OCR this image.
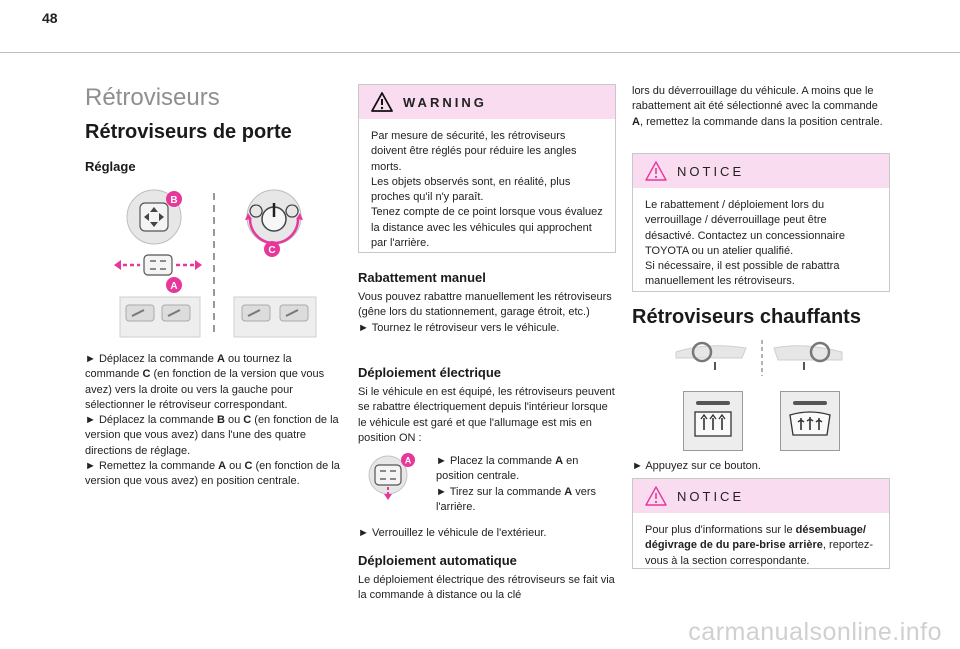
48
Rétroviseurs
Rétroviseurs de porte
Réglage
B
A
C

► Déplacez la commande A ou tournez la commande C (en fonction de la version que vous avez) vers la droite ou vers la gauche pour sélectionner le rétroviseur correspondant.

► Déplacez la commande B ou C (en fonction de la version que vous avez) dans l'une des quatre directions de réglage.

► Remettez la commande A ou C (en fonction de la version que vous avez) en position centrale.

WARNING
Par mesure de sécurité, les rétroviseurs doivent être réglés pour réduire les angles morts.
Les objets observés sont, en réalité, plus proches qu'il n'y paraît.
Tenez compte de ce point lorsque vous évaluez la distance avec les véhicules qui approchent par l'arrière.
Rabattement manuel

Vous pouvez rabattre manuellement les rétroviseurs (gêne lors du stationnement, garage étroit, etc.)

► Tournez le rétroviseur vers le véhicule.

Déploiement électrique
Si le véhicule en est équipé, les rétroviseurs peuvent se rabattre électriquement depuis l'intérieur lorsque le véhicule est garé et que l'allumage est mis en position ON :
A ► Placez la commande A en position centrale.

► Tirez sur la commande A vers l'arrière.

► Verrouillez le véhicule de l'extérieur.
Déploiement automatique
Le déploiement électrique des rétroviseurs se fait via la commande à distance ou la clé
lors du déverrouillage du véhicule. A moins que le rabattement ait été sélectionné avec la commande A, remettez la commande dans la position centrale.
NOTICE
Le rabattement / déploiement lors du verrouillage / déverrouillage peut être désactivé. Contactez un concessionnaire TOYOTA ou un atelier qualifié.
Si nécessaire, il est possible de rabattra manuellement les rétroviseurs.
Rétroviseurs chauffants
► Appuyez sur ce bouton.
NOTICE
Pour plus d'informations sur le désembuage/ dégivrage de du pare-brise arrière, reportez-vous à la section correspondante.
carmanualsonline.info
